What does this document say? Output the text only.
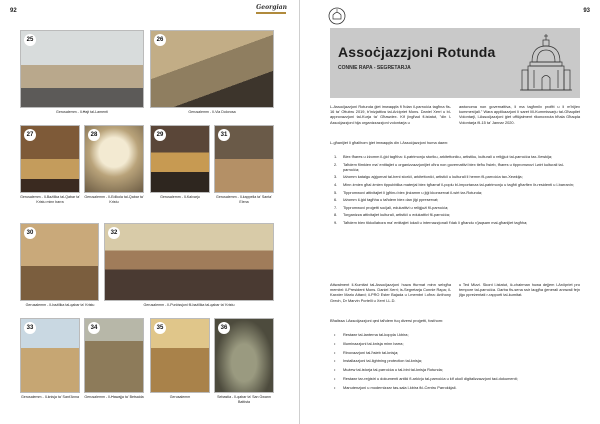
92	Georgian
25
Gerusalemm - Il-Ħajt tal-Lamenti
26
Gerusalemm - Il-Via Dolorosa
27
Gerusalemm - Il-Bażilika tal-Qabar ta' Kristu minn barra
28
Gerusalemm - Il-Edikola tal-Qabar ta' Kristu
29
Gerusalemm - Il-Kalvarju
31
Gerusalemm - Il-kappella ta' Santa' Elena
30
Gerusalemm - Il-bażilika tal-qabar ta' Kristu
32
Gerusalemm - Il-Purċissjoni fil-bażilika tal-qabar ta' Kristu
33
Gerusalemm - Il-knisja ta' Sant'Anna
34
Gerusalemm - Il-Ħawajja ta' Betsaida
35
Gerusalemm
36
Sebastia - Il-qabar ta' San Ġwann Battista
93
Assoċjazzjoni Rotunda
CONNIE RAPA - SEGRETARJA

L-Assoċjazzjoni Rotunda ġiet imwaqqfa fi ħdan il-parroċċa tagħna fis-16 ta' Ottubru 2019, b'inizjattiva tal-Arċipriet Mons. Daniel Xerri u bl-approvazzjoni tal-Kurja ta' Għawdex. Kif jingħad fl-istatut, "din l-Assoċjazzjoni hija organizzazzjoni volontarja u

awtonoma non governattiva, li ma tagħmilx profitt u li m'hijiex kummerċjali." Wara applikazzjoni li saret lill-Kummissarju tal-Għaqdiet Volontarji, l-Assoċjazzjoni ġiet uffiċjalment rikonoxxuta bħala Għaqda Volontarja fil-15 ta' Jannar 2020.

L-għanijiet li għalihom ġiet imwaqqfa din l-Assoċjazzjoni huma dawn:

1.	Biex tħares u żżomm il-ġid tagħha: il-patrimonju storiku, arkitettoniku, artistiku, kulturali u reliġjuż tal-parroċċa tax-Xewkija;
2.	Taħdem flimkien ma' entitajiet u organizzazzjonijiet oħra non governattivi biex tieħu ħsieb, tħares u tippromwovi l-wirt kulturali tal-parroċċa;
3.	Iżżomm katalgu aġġornat tal-beni storiċi, arkitettoniċi, artistiċi u kulturali li hemm fil-parroċċa tax-Xewkija;
4.	Minn żmien għal żmien tippubblika materjal biex tgħarraf il-poplu bl-importanza tal-patrimonju u tagħti għarfien lir-residenti u l-barranin;
5.	Tippromwovi attivitajiet li jgħinu biex jinżamm u jiġi kkonservat il-wirt tar-Rotunda;
6.	Iżżomm il-ġid tagħha u taħdem biex dan jiġi ppreservat;
7.	Tippromwovi proġetti soċjali, edukattivi u reliġjużi fil-parroċċa;
8.	Torganizza attivitajiet kulturali, artistiċi u edukattivi fil-parroċċa;
9.	Taħdem biex tikkollabora ma' entitajiet lokali u internazzjonali f'dak li għandu x'jaqsam mal-għanijiet tagħha;

Attwalment il-Kumitat tal-Assoċjazzjoni huwa ffurmat minn sebgħa membri: il-President Mons. Daniel Xerri; is-Segretarja Connie Rapa; il-Kaxxier Mario Attard; il-PRO Ester Bajada u l-membri l-oħra: Anthony Grech, Dr Marvin Portelli u Xerri LL.D.

u Ted Mizzi. Skont l-istatut, iċ-chairman huwa dejjem l-Arċipriet pro tempore tal-parroċċa. Darba fis-sena ssir laqgħa ġenerali annwali fejn jiġu ppreżentati r-rapporti tal-kumitat.

Bħalissa l-Assoċjazzjoni qed taħdem fuq diversi proġetti, fosthom:

•	Restawr tal-lanterna tal-koppla l-kbira;
•	Illuminazzjoni tal-knisja minn barra;
•	Rinovazzjoni tal-ħsieb tal-knisja;
•	Installazzjoni tal-lightning protection tal-knisja;
•	Mużew tal-istorja tal-parroċċa u tal-bini tal-knisja Rotunda;
•	Restawr tar-reġistri u dokumenti antiki fl-arkivju tal-parroċċa u kif ukoll digitalizzazzjoni tad-dokumenti;
•	Manutenzjoni u modernizzar tas-sala l-kbira fiċ-Ċentru Parrokkjali.
